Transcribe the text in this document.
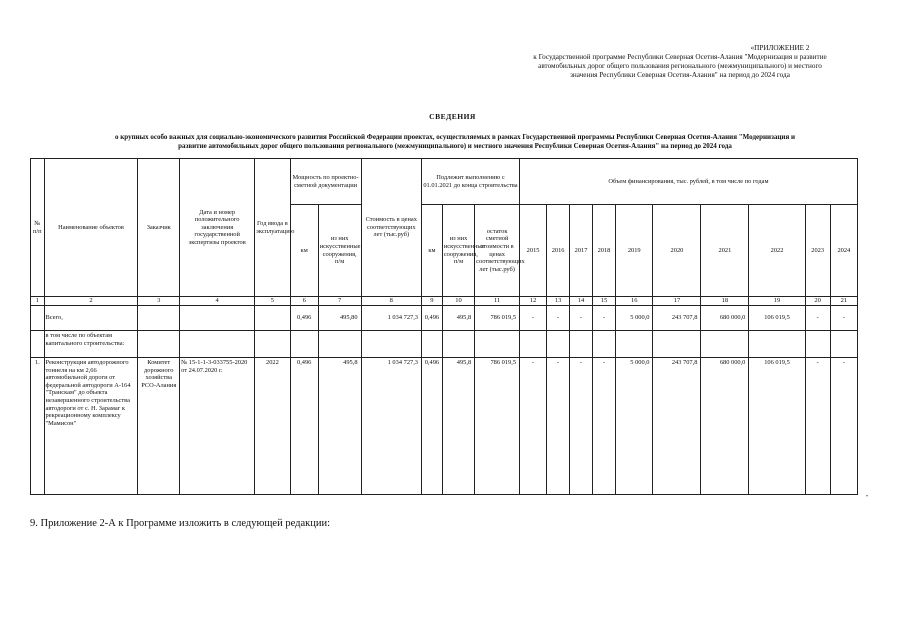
«ПРИЛОЖЕНИЕ 2
к Государственной программе Республики Северная Осетия-Алания "Модернизация и развитие
автомобильных дорог общего пользования регионального (межмуниципального) и местного
значения Республики Северная Осетия-Алания" на период до 2024 года
СВЕДЕНИЯ
о крупных особо важных для социально-экономического развития Российской Федерации проектах, осуществляемых в рамках Государственной программы Республики Северная Осетия-Алания "Модернизация и
развитие автомобильных дорог общего пользования регионального (межмуниципального) и местного значения Республики Северная Осетия-Алания" на период до 2024 года
№ п/п	Наименование объектов	Заказчик	Дата и номер положительного заключения государственной экспертизы проектов	Год ввода в эксплуатацию	Мощность по проектно-сметной документации		Стоимость в ценах соответствующих лет (тыс.руб)	Подлежит выполнению с 01.01.2021 до конца строительства			Объем финансирования, тыс. рублей, в том числе по годам									
					км	из них искусственные сооружения, п/м		км	из них искусственные сооружения, п/м	остаток сметной стоимости в ценах соответствующих лет (тыс.руб)	2015	2016	2017	2018	2019	2020	2021	2022	2023	2024
1	2	3	4	5	6	7	8	9	10	11	12	13	14	15	16	17	18	19	20	21
	Всего,				0,496	495,80	1 034 727,3	0,496	495,8	786 019,5	-	-	-	-	5 000,0	243 707,8	680 000,0	106 019,5	-	-
	в том числе по объектам капитального строительства:																			
1.	Реконструкция автодорожного тоннеля на км 2,66 автомобильной дороги от федеральной автодороги А-164 "Транскам" до объекта незавершенного строительства автодороги от с. Н. Зарамаг к рекреационному комплексу "Мамисон"	Комитет дорожного хозяйства РСО-Алания	№ 15-1-1-3-033755-2020 от 24.07.2020 г.	2022	0,496	495,8	1 034 727,3	0,496	495,8	786 019,5	-	-	-	-	5 000,0	243 707,8	680 000,0	106 019,5	-	-
"
9. Приложение 2-А к Программе изложить в следующей редакции:
